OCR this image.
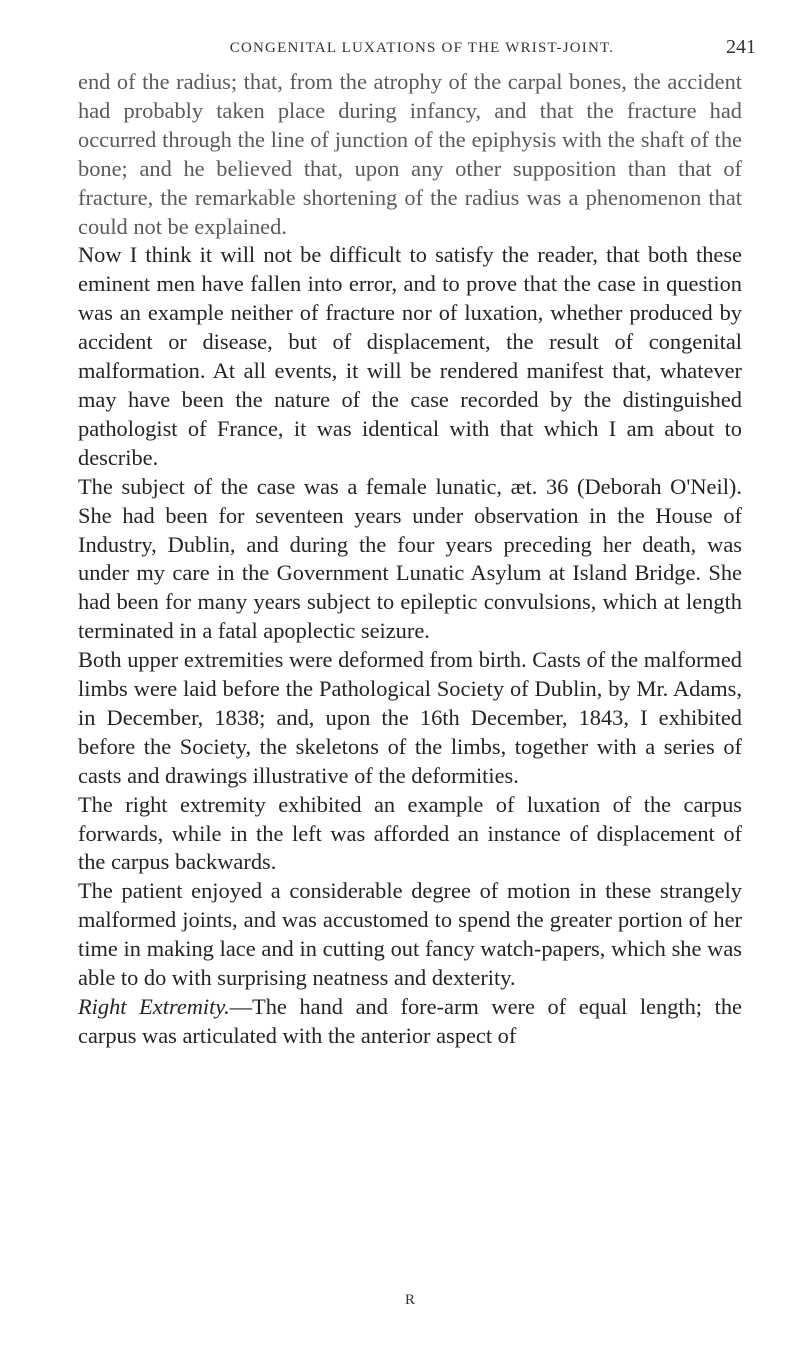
CONGENITAL LUXATIONS OF THE WRIST-JOINT.	241

end of the radius; that, from the atrophy of the carpal bones, the accident had probably taken place during infancy, and that the fracture had occurred through the line of junction of the epiphysis with the shaft of the bone; and he believed that, upon any other supposition than that of fracture, the remarkable shortening of the radius was a phenomenon that could not be explained.

Now I think it will not be difficult to satisfy the reader, that both these eminent men have fallen into error, and to prove that the case in question was an example neither of fracture nor of luxation, whether produced by accident or disease, but of displacement, the result of congenital malformation. At all events, it will be rendered manifest that, whatever may have been the nature of the case recorded by the distinguished pathologist of France, it was identical with that which I am about to describe.

The subject of the case was a female lunatic, æt. 36 (Deborah O'Neil). She had been for seventeen years under observation in the House of Industry, Dublin, and during the four years preceding her death, was under my care in the Government Lunatic Asylum at Island Bridge. She had been for many years subject to epileptic convulsions, which at length terminated in a fatal apoplectic seizure.

Both upper extremities were deformed from birth. Casts of the malformed limbs were laid before the Pathological Society of Dublin, by Mr. Adams, in December, 1838; and, upon the 16th December, 1843, I exhibited before the Society, the skeletons of the limbs, together with a series of casts and drawings illustrative of the deformities.

The right extremity exhibited an example of luxation of the carpus forwards, while in the left was afforded an instance of displacement of the carpus backwards.

The patient enjoyed a considerable degree of motion in these strangely malformed joints, and was accustomed to spend the greater portion of her time in making lace and in cutting out fancy watch-papers, which she was able to do with surprising neatness and dexterity.

Right Extremity.—The hand and fore-arm were of equal length; the carpus was articulated with the anterior aspect of

R
